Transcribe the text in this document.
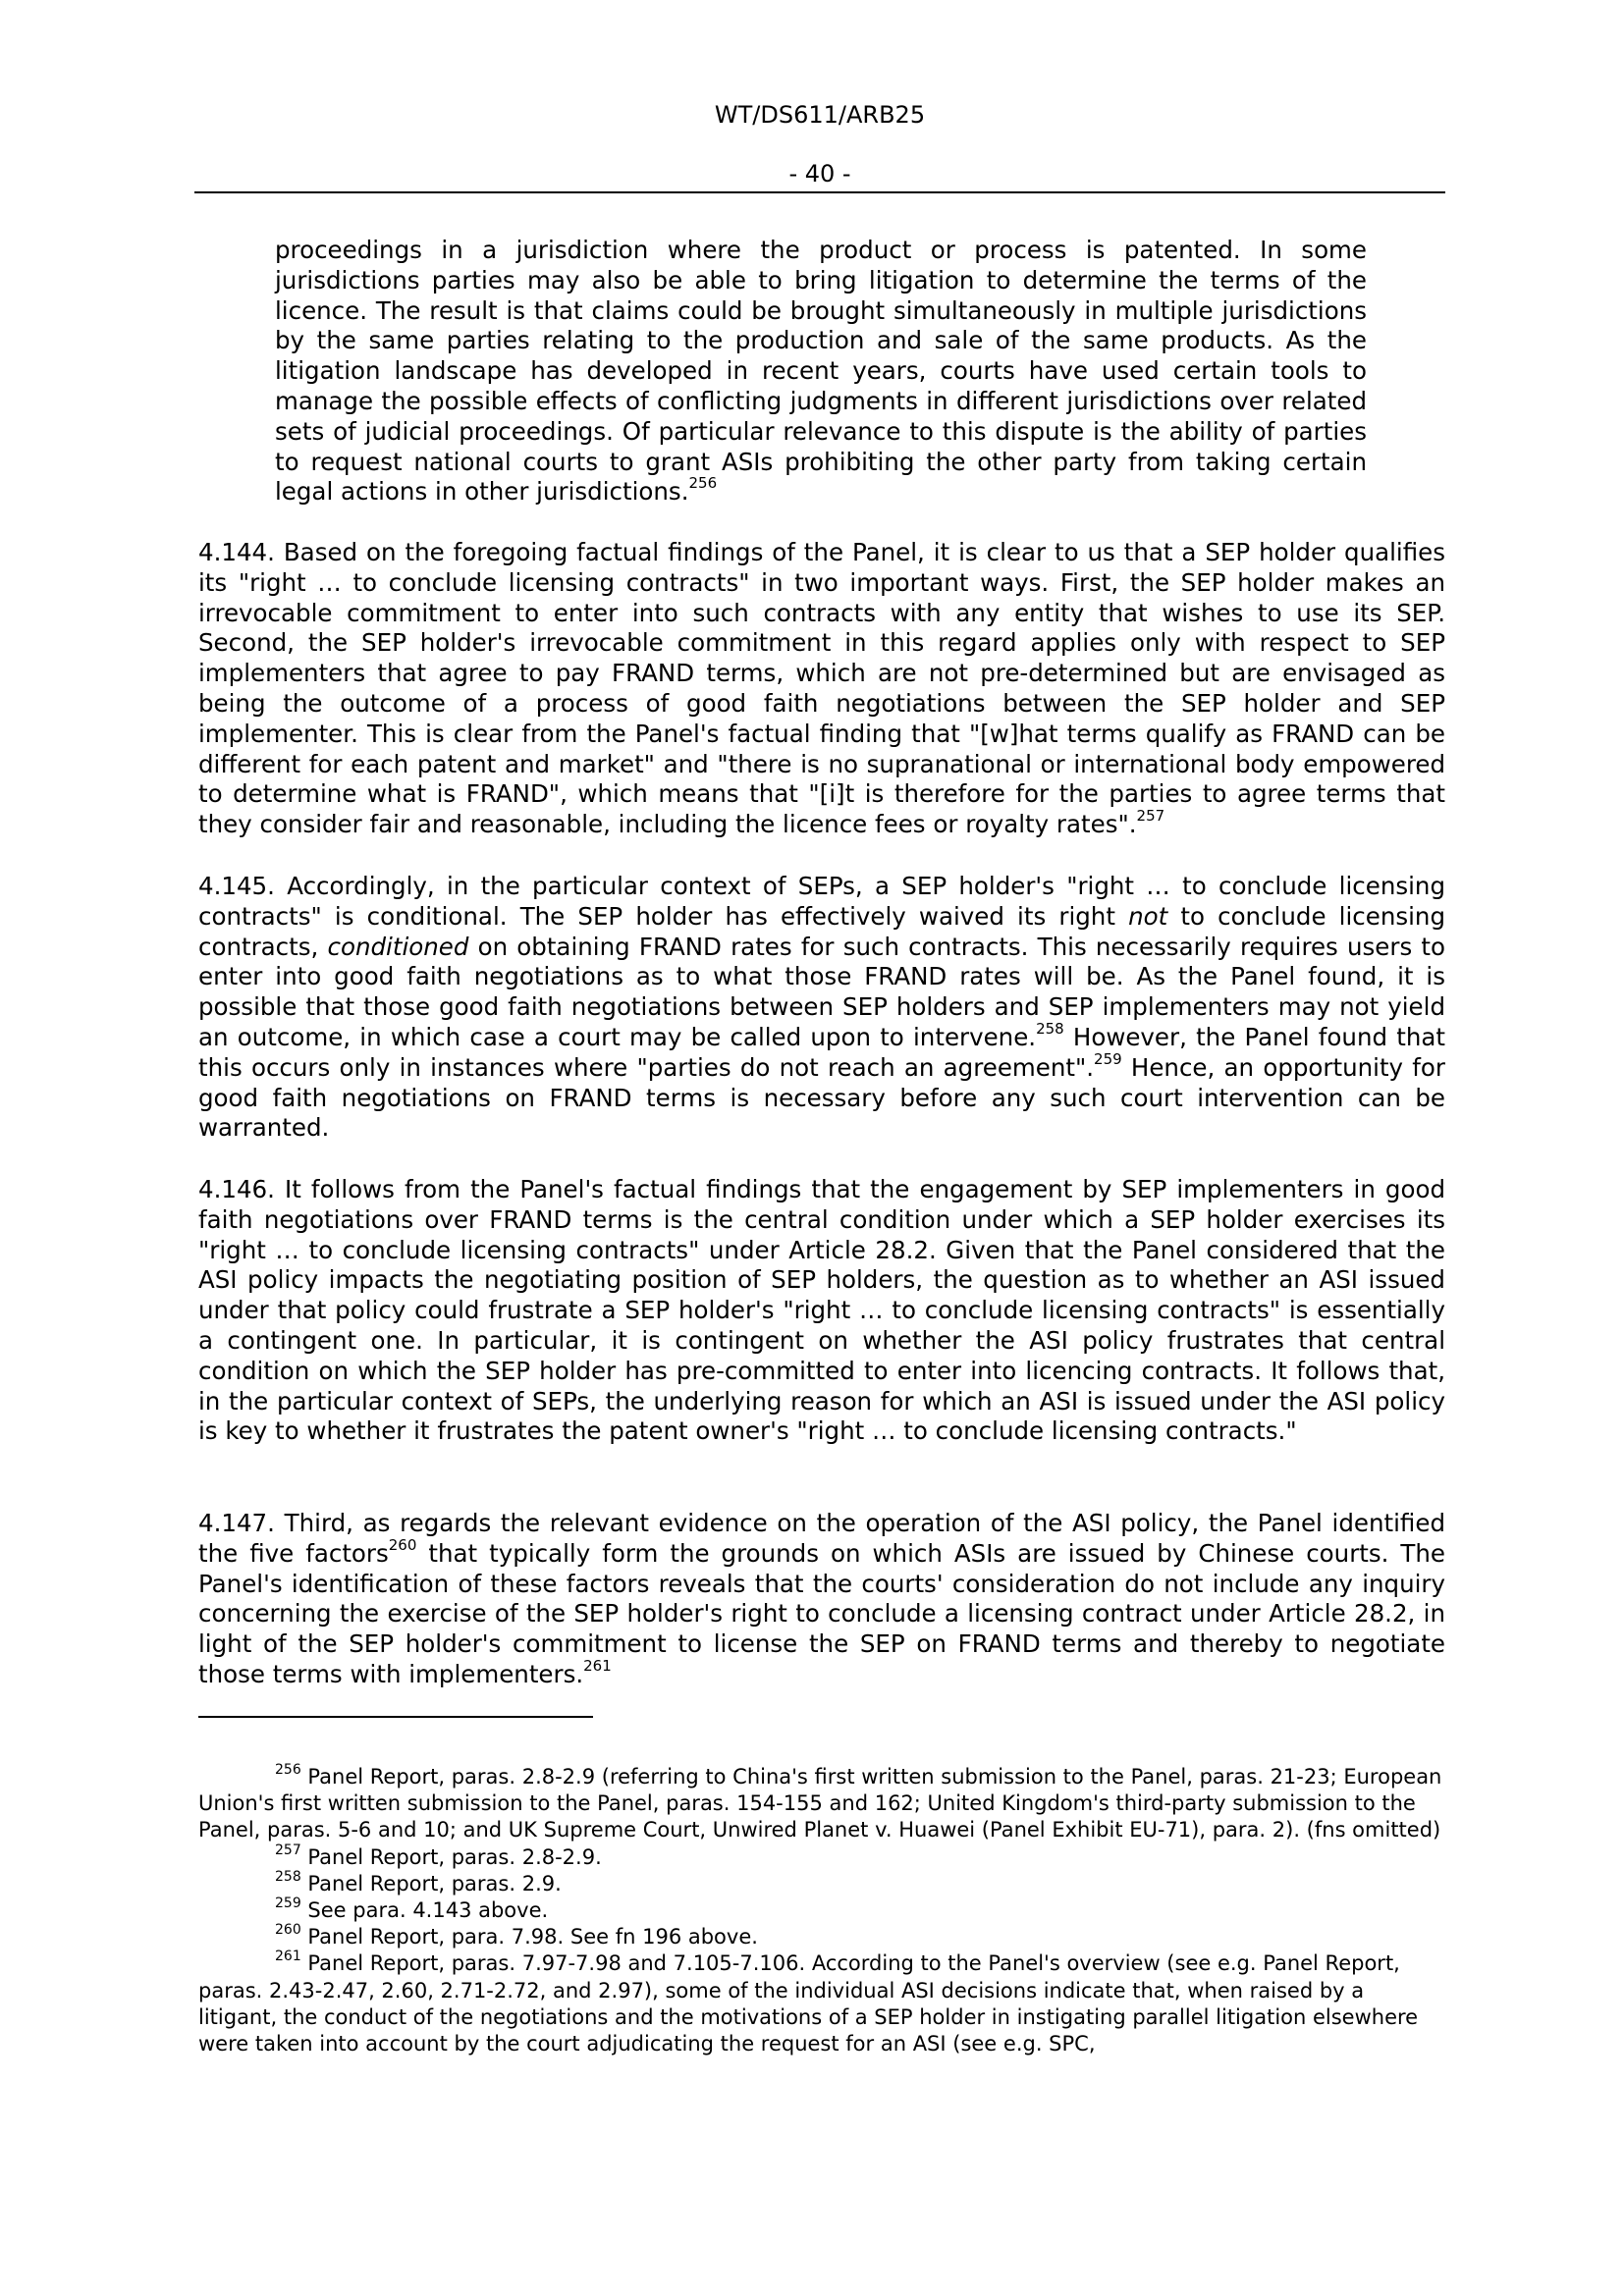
WT/DS611/ARB25
- 40 -

proceedings in a jurisdiction where the product or process is patented. In some jurisdictions parties may also be able to bring litigation to determine the terms of the licence. The result is that claims could be brought simultaneously in multiple jurisdictions by the same parties relating to the production and sale of the same products. As the litigation landscape has developed in recent years, courts have used certain tools to manage the possible effects of conflicting judgments in different jurisdictions over related sets of judicial proceedings. Of particular relevance to this dispute is the ability of parties to request national courts to grant ASIs prohibiting the other party from taking certain legal actions in other jurisdictions.$^{256}$

4.144. Based on the foregoing factual findings of the Panel, it is clear to us that a SEP holder qualifies its "right … to conclude licensing contracts" in two important ways. First, the SEP holder makes an irrevocable commitment to enter into such contracts with any entity that wishes to use its SEP. Second, the SEP holder's irrevocable commitment in this regard applies only with respect to SEP implementers that agree to pay FRAND terms, which are not pre-determined but are envisaged as being the outcome of a process of good faith negotiations between the SEP holder and SEP implementer. This is clear from the Panel's factual finding that "[w]hat terms qualify as FRAND can be different for each patent and market" and "there is no supranational or international body empowered to determine what is FRAND", which means that "[i]t is therefore for the parties to agree terms that they consider fair and reasonable, including the licence fees or royalty rates".$^{257}$

4.145. Accordingly, in the particular context of SEPs, a SEP holder's "right … to conclude licensing contracts" is conditional. The SEP holder has effectively waived its right not to conclude licensing contracts, conditioned on obtaining FRAND rates for such contracts. This necessarily requires users to enter into good faith negotiations as to what those FRAND rates will be. As the Panel found, it is possible that those good faith negotiations between SEP holders and SEP implementers may not yield an outcome, in which case a court may be called upon to intervene.$^{258}$ However, the Panel found that this occurs only in instances where "parties do not reach an agreement".$^{259}$ Hence, an opportunity for good faith negotiations on FRAND terms is necessary before any such court intervention can be warranted.

4.146. It follows from the Panel's factual findings that the engagement by SEP implementers in good faith negotiations over FRAND terms is the central condition under which a SEP holder exercises its "right … to conclude licensing contracts" under Article 28.2. Given that the Panel considered that the ASI policy impacts the negotiating position of SEP holders, the question as to whether an ASI issued under that policy could frustrate a SEP holder's "right … to conclude licensing contracts" is essentially a contingent one. In particular, it is contingent on whether the ASI policy frustrates that central condition on which the SEP holder has pre-committed to enter into licencing contracts. It follows that, in the particular context of SEPs, the underlying reason for which an ASI is issued under the ASI policy is key to whether it frustrates the patent owner's "right … to conclude licensing contracts."

4.147. Third, as regards the relevant evidence on the operation of the ASI policy, the Panel identified the five factors$^{260}$ that typically form the grounds on which ASIs are issued by Chinese courts. The Panel's identification of these factors reveals that the courts' consideration do not include any inquiry concerning the exercise of the SEP holder's right to conclude a licensing contract under Article 28.2, in light of the SEP holder's commitment to license the SEP on FRAND terms and thereby to negotiate those terms with implementers.$^{261}$

$^{256}$ Panel Report, paras. 2.8-2.9 (referring to China's first written submission to the Panel, paras. 21-23; European Union's first written submission to the Panel, paras. 154-155 and 162; United Kingdom's third-party submission to the Panel, paras. 5-6 and 10; and UK Supreme Court, Unwired Planet v. Huawei (Panel Exhibit EU-71), para. 2). (fns omitted)

$^{257}$ Panel Report, paras. 2.8-2.9.

$^{258}$ Panel Report, paras. 2.9.

$^{259}$ See para. 4.143 above.

$^{260}$ Panel Report, para. 7.98. See fn 196 above.

$^{261}$ Panel Report, paras. 7.97-7.98 and 7.105-7.106. According to the Panel's overview (see e.g. Panel Report, paras. 2.43-2.47, 2.60, 2.71-2.72, and 2.97), some of the individual ASI decisions indicate that, when raised by a litigant, the conduct of the negotiations and the motivations of a SEP holder in instigating parallel litigation elsewhere were taken into account by the court adjudicating the request for an ASI (see e.g. SPC,
